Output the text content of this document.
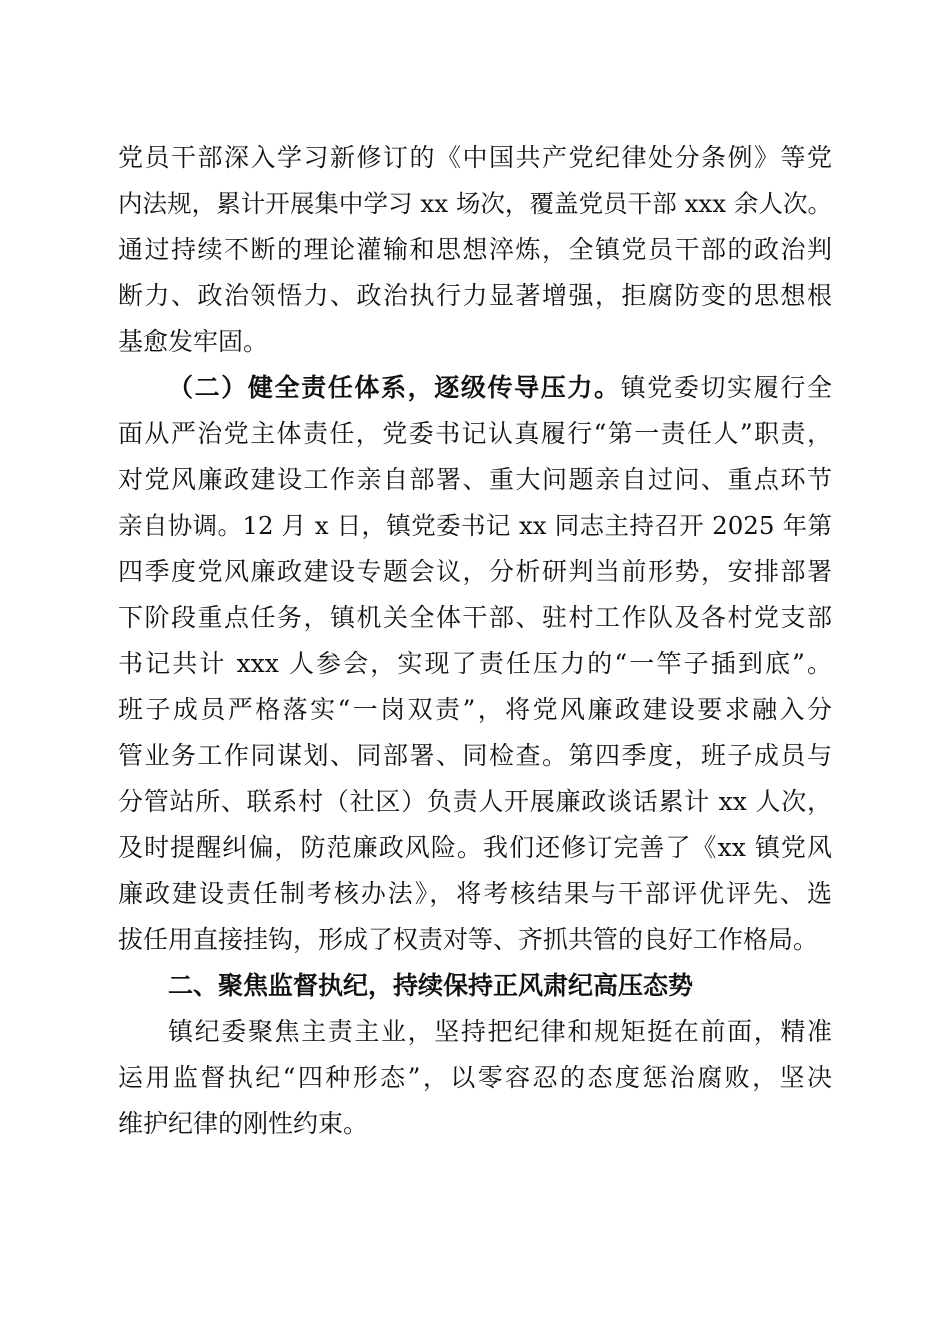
党员干部深入学习新修订的《中国共产党纪律处分条例》等党
内法规，累计开展集中学习 xx 场次，覆盖党员干部 xxx 余人次。
通过持续不断的理论灌输和思想淬炼，全镇党员干部的政治判
断力、政治领悟力、政治执行力显著增强，拒腐防变的思想根
基愈发牢固。
（二）健全责任体系，逐级传导压力。镇党委切实履行全
面从严治党主体责任，党委书记认真履行“第一责任人”职责，
对党风廉政建设工作亲自部署、重大问题亲自过问、重点环节
亲自协调。12 月 x 日，镇党委书记 xx 同志主持召开 2025 年第
四季度党风廉政建设专题会议，分析研判当前形势，安排部署
下阶段重点任务，镇机关全体干部、驻村工作队及各村党支部
书记共计 xxx 人参会，实现了责任压力的“一竿子插到底”。
班子成员严格落实“一岗双责”，将党风廉政建设要求融入分
管业务工作同谋划、同部署、同检查。第四季度，班子成员与
分管站所、联系村（社区）负责人开展廉政谈话累计 xx 人次，
及时提醒纠偏，防范廉政风险。我们还修订完善了《xx 镇党风
廉政建设责任制考核办法》，将考核结果与干部评优评先、选
拔任用直接挂钩，形成了权责对等、齐抓共管的良好工作格局。
二、聚焦监督执纪，持续保持正风肃纪高压态势
镇纪委聚焦主责主业，坚持把纪律和规矩挺在前面，精准
运用监督执纪“四种形态”，以零容忍的态度惩治腐败，坚决
维护纪律的刚性约束。
